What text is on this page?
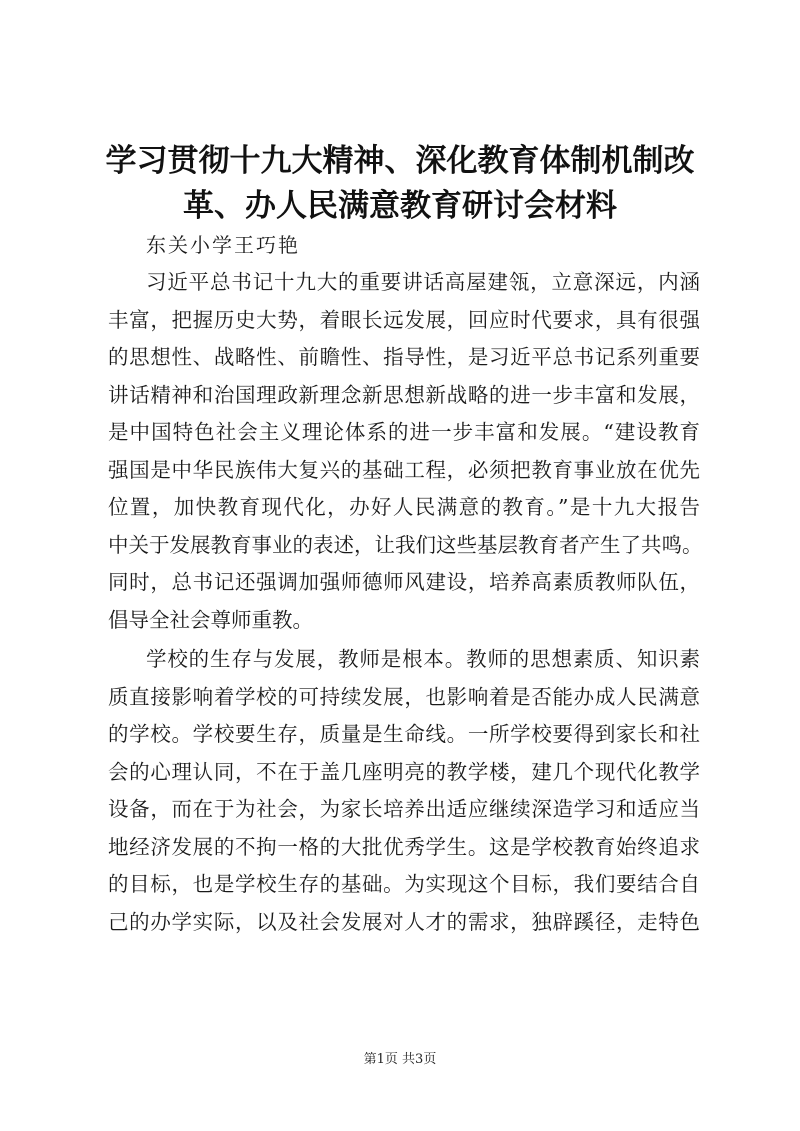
学习贯彻十九大精神、深化教育体制机制改
革、办人民满意教育研讨会材料
东关小学王巧艳
习近平总书记十九大的重要讲话高屋建瓴，立意深远，内涵
丰富，把握历史大势，着眼长远发展，回应时代要求，具有很强
的思想性、战略性、前瞻性、指导性，是习近平总书记系列重要
讲话精神和治国理政新理念新思想新战略的进一步丰富和发展，
是中国特色社会主义理论体系的进一步丰富和发展。“建设教育
强国是中华民族伟大复兴的基础工程，必须把教育事业放在优先
位置，加快教育现代化，办好人民满意的教育。”是十九大报告
中关于发展教育事业的表述，让我们这些基层教育者产生了共鸣。
同时，总书记还强调加强师德师风建设，培养高素质教师队伍，
倡导全社会尊师重教。
学校的生存与发展，教师是根本。教师的思想素质、知识素
质直接影响着学校的可持续发展，也影响着是否能办成人民满意
的学校。学校要生存，质量是生命线。一所学校要得到家长和社
会的心理认同，不在于盖几座明亮的教学楼，建几个现代化教学
设备，而在于为社会，为家长培养出适应继续深造学习和适应当
地经济发展的不拘一格的大批优秀学生。这是学校教育始终追求
的目标，也是学校生存的基础。为实现这个目标，我们要结合自
己的办学实际，以及社会发展对人才的需求，独辟蹊径，走特色
第1页 共3页
